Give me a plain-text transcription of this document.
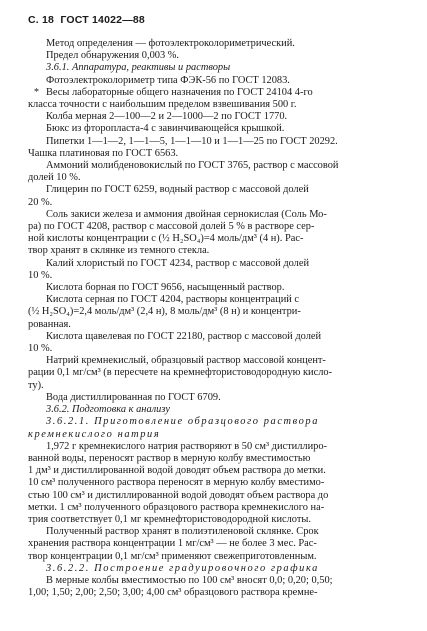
С. 18 ГОСТ 14022—88
Метод определения — фотоэлектроколориметрический.
Предел обнаружения 0,003 %.
3.6.1. Аппаратура, реактивы и растворы
Фотоэлектроколориметр типа ФЭК-56 по ГОСТ 12083.
* Весы лабораторные общего назначения по ГОСТ 24104 4-го
класса точности с наибольшим пределом взвешивания 500 г.
Колба мерная 2—100—2 и 2—1000—2 по ГОСТ 1770.
Бюкс из фторопласта-4 с завинчивающейся крышкой.
Пипетки 1—1—2, 1—1—5, 1—1—10 и 1—1—25 по ГОСТ 20292.
Чашка платиновая по ГОСТ 6563.
Аммоний молибденовокислый по ГОСТ 3765, раствор с массовой
долей 10 %.
Глицерин по ГОСТ 6259, водный раствор с массовой долей
20 %.
Соль закиси железа и аммония двойная сернокислая (Соль Мо-
ра) по ГОСТ 4208, раствор с массовой долей 5 % в растворе сер-
ной кислоты концентрации с (½ H₂SO₄)=4 моль/дм³ (4 н). Рас-
твор хранят в склянке из темного стекла.
Калий хлористый по ГОСТ 4234, раствор с массовой долей
10 %.
Кислота борная по ГОСТ 9656, насыщенный раствор.
Кислота серная по ГОСТ 4204, растворы концентраций с
(½ H₂SO₄)=2,4 моль/дм³ (2,4 н), 8 моль/дм³ (8 н) и концентри-
рованная.
Кислота щавелевая по ГОСТ 22180, раствор с массовой долей
10 %.
Натрий кремнекислый, образцовый раствор массовой концент-
рации 0,1 мг/см³ (в пересчете на кремнефтористоводородную кисло-
ту).
Вода дистиллированная по ГОСТ 6709.
3.6.2. Подготовка к анализу
3.6.2.1. Приготовление образцового раствора
кремнекислого натрия
1,972 г кремнекислого натрия растворяют в 50 см³ дистиллиро-
ванной воды, переносят раствор в мерную колбу вместимостью
1 дм³ и дистиллированной водой доводят объем раствора до метки.
10 см³ полученного раствора переносят в мерную колбу вместимо-
стью 100 см³ и дистиллированной водой доводят объем раствора до
метки. 1 см³ полученного образцового раствора кремнекислого на-
трия соответствует 0,1 мг кремнефтористоводородной кислоты.
Полученный раствор хранят в полиэтиленовой склянке. Срок
хранения раствора концентрации 1 мг/см³ — не более 3 мес. Рас-
твор концентрации 0,1 мг/см³ применяют свежеприготовленным.
3.6.2.2. Построение градуировочного графика
В мерные колбы вместимостью по 100 см³ вносят 0,0; 0,20; 0,50;
1,00; 1,50; 2,00; 2,50; 3,00; 4,00 см³ образцового раствора кремне-
